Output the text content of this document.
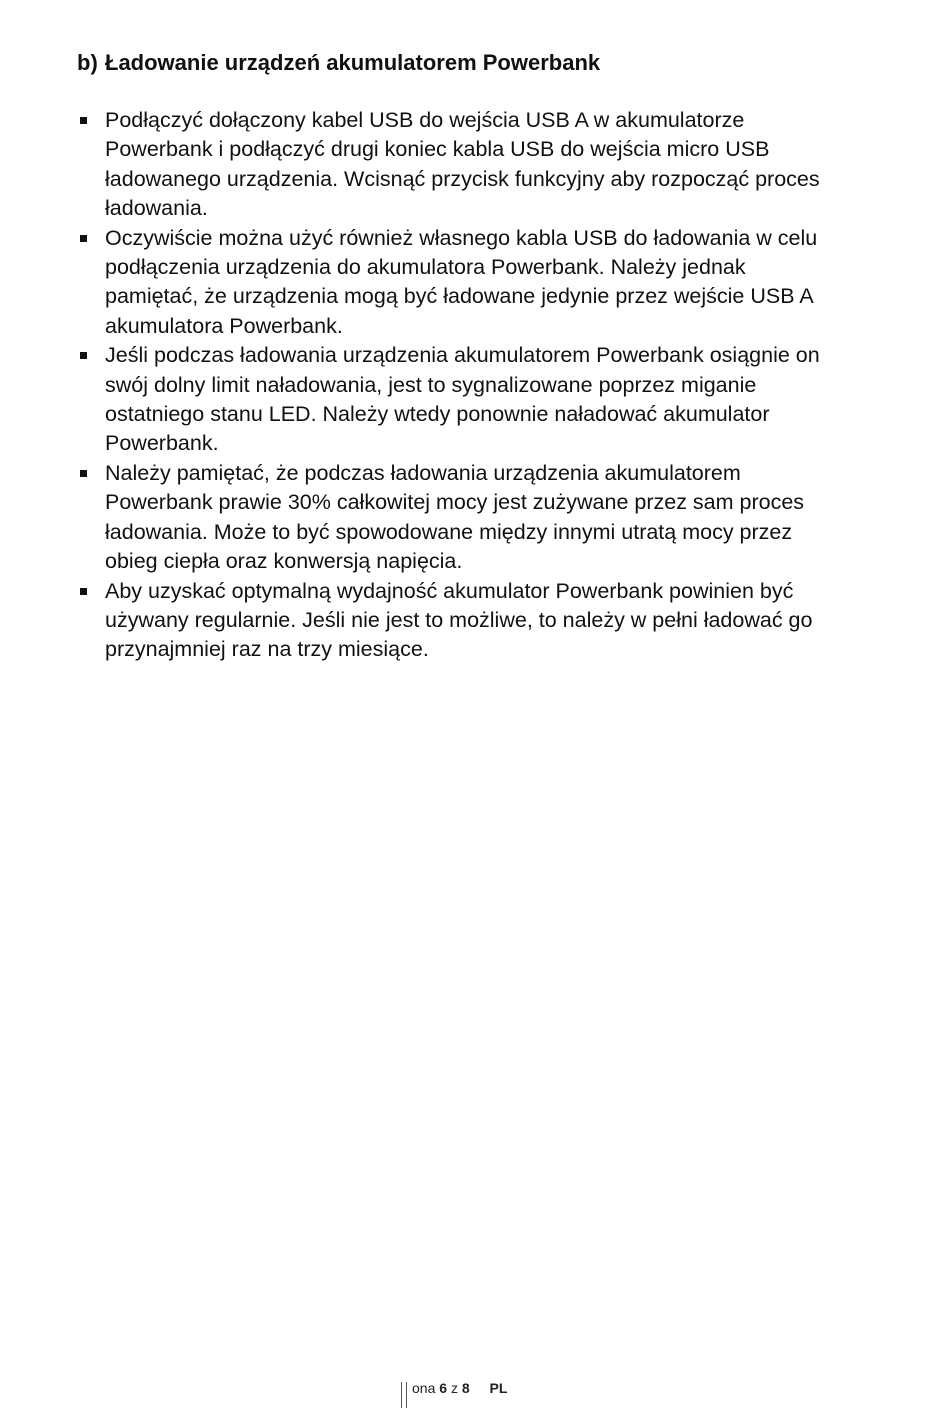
b) Ładowanie urządzeń akumulatorem Powerbank
Podłączyć dołączony kabel USB do wejścia USB A w akumulatorze Powerbank i podłączyć drugi koniec kabla USB do wejścia micro USB ładowanego urządzenia. Wcisnąć przycisk funkcyjny aby rozpocząć proces ładowania.
Oczywiście można użyć również własnego kabla USB do ładowania w celu podłączenia urządzenia do akumulatora Powerbank. Należy jednak pamiętać, że urządzenia mogą być ładowane jedynie przez wejście USB A akumulatora Powerbank.
Jeśli podczas ładowania urządzenia akumulatorem Powerbank osiągnie on swój dolny limit naładowania, jest to sygnalizowane poprzez miganie ostatniego stanu LED. Należy wtedy ponownie naładować akumulator Powerbank.
Należy pamiętać, że podczas ładowania urządzenia akumulatorem Powerbank prawie 30% całkowitej mocy jest zużywane przez sam proces ładowania. Może to być spowodowane między innymi utratą mocy przez obieg ciepła oraz konwersją napięcia.
Aby uzyskać optymalną wydajność akumulator Powerbank powinien być używany regularnie. Jeśli nie jest to możliwe, to należy w pełni ładować go przynajmniej raz na trzy miesiące.
ona 6 z 8 PL
